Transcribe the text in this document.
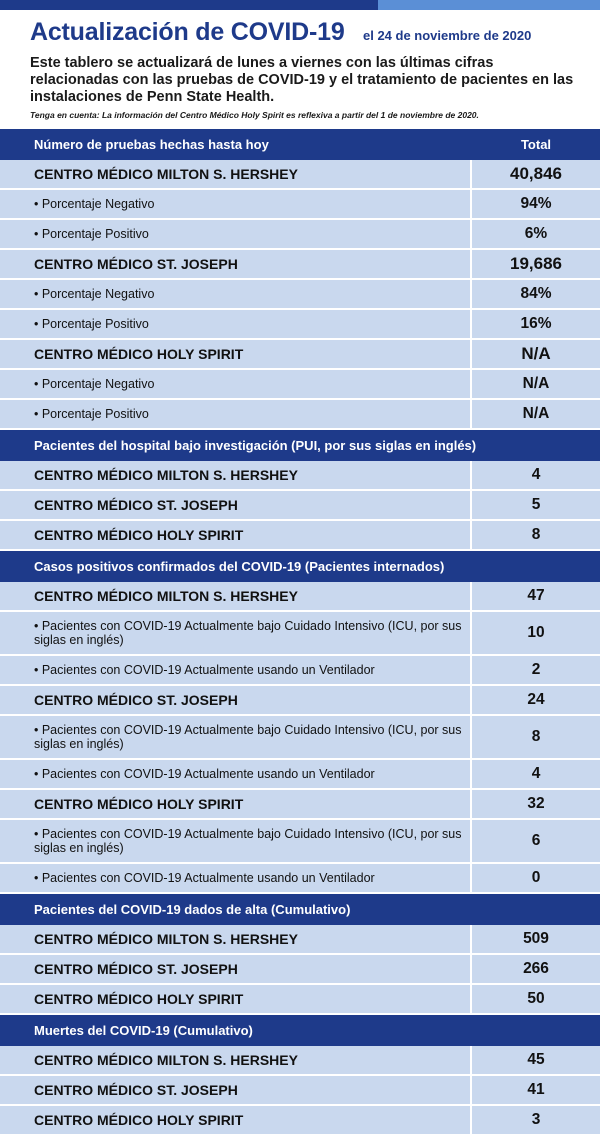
Actualización de COVID-19 el 24 de noviembre de 2020
Este tablero se actualizará de lunes a viernes con las últimas cifras relacionadas con las pruebas de COVID-19 y el tratamiento de pacientes en las instalaciones de Penn State Health.
Tenga en cuenta: La información del Centro Médico Holy Spirit es reflexiva a partir del 1 de noviembre de 2020.
Número de pruebas hechas hasta hoy	Total
CENTRO MÉDICO MILTON S. HERSHEY	40,846
• Porcentaje Negativo	94%
• Porcentaje Positivo	6%
CENTRO MÉDICO ST. JOSEPH	19,686
• Porcentaje Negativo	84%
• Porcentaje Positivo	16%
CENTRO MÉDICO HOLY SPIRIT	N/A
• Porcentaje Negativo	N/A
• Porcentaje Positivo	N/A
Pacientes del hospital bajo investigación (PUI, por sus siglas en inglés)
CENTRO MÉDICO MILTON S. HERSHEY	4
CENTRO MÉDICO ST. JOSEPH	5
CENTRO MÉDICO HOLY SPIRIT	8
Casos positivos confirmados del COVID-19 (Pacientes internados)
CENTRO MÉDICO MILTON S. HERSHEY	47
• Pacientes con COVID-19 Actualmente bajo Cuidado Intensivo (ICU, por sus siglas en inglés)	10
• Pacientes con COVID-19 Actualmente usando un Ventilador	2
CENTRO MÉDICO ST. JOSEPH	24
• Pacientes con COVID-19 Actualmente bajo Cuidado Intensivo (ICU, por sus siglas en inglés)	8
• Pacientes con COVID-19 Actualmente usando un Ventilador	4
CENTRO MÉDICO HOLY SPIRIT	32
• Pacientes con COVID-19 Actualmente bajo Cuidado Intensivo (ICU, por sus siglas en inglés)	6
• Pacientes con COVID-19 Actualmente usando un Ventilador	0
Pacientes del COVID-19 dados de alta (Cumulativo)
CENTRO MÉDICO MILTON S. HERSHEY	509
CENTRO MÉDICO ST. JOSEPH	266
CENTRO MÉDICO HOLY SPIRIT	50
Muertes del COVID-19 (Cumulativo)
CENTRO MÉDICO MILTON S. HERSHEY	45
CENTRO MÉDICO ST. JOSEPH	41
CENTRO MÉDICO HOLY SPIRIT	3
